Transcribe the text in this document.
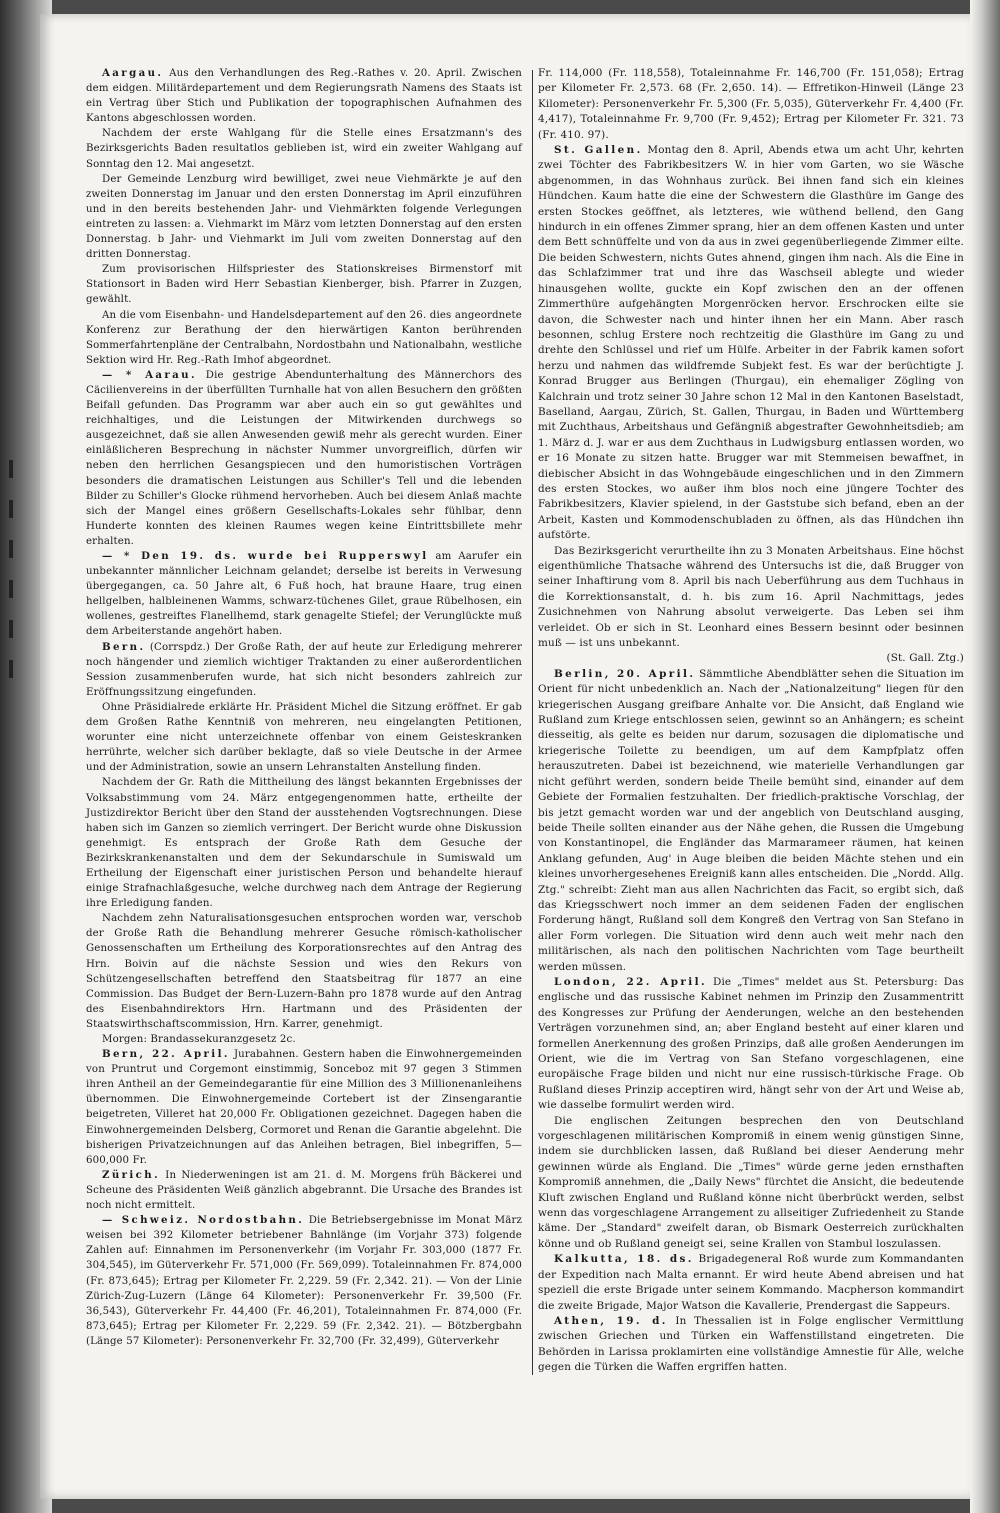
Aargau. Aus den Verhandlungen des Reg.-Rathes v. 20. April. Zwischen dem eidgen. Militärdepartement und dem Regierungsrath Namens des Staats ist ein Vertrag über Stich und Publikation der topographischen Aufnahmen des Kantons abgeschlossen worden.

Nachdem der erste Wahlgang für die Stelle eines Ersatzmann's des Bezirksgerichts Baden resultatlos geblieben ist, wird ein zweiter Wahlgang auf Sonntag den 12. Mai angesetzt.

Der Gemeinde Lenzburg wird bewilliget, zwei neue Viehmärkte je auf den zweiten Donnerstag im Januar und den ersten Donnerstag im April einzuführen und in den bereits bestehenden Jahr- und Viehmärkten folgende Verlegungen eintreten zu lassen: a. Viehmarkt im März vom letzten Donnerstag auf den ersten Donnerstag. b Jahr- und Viehmarkt im Juli vom zweiten Donnerstag auf den dritten Donnerstag.

Zum provisorischen Hilfspriester des Stationskreises Birmenstorf mit Stationsort in Baden wird Herr Sebastian Kienberger, bish. Pfarrer in Zuzgen, gewählt.

An die vom Eisenbahn- und Handelsdepartement auf den 26. dies angeordnete Konferenz zur Berathung der den hierwärtigen Kanton berührenden Sommerfahrtenpläne der Centralbahn, Nordostbahn und Nationalbahn, westliche Sektion wird Hr. Reg.-Rath Imhof abgeordnet.

— * Aarau. Die gestrige Abendunterhaltung des Männerchors des Cäcilienvereins in der überfüllten Turnhalle hat von allen Besuchern den größten Beifall gefunden. Das Programm war aber auch ein so gut gewähltes und reichhaltiges, und die Leistungen der Mitwirkenden durchwegs so ausgezeichnet, daß sie allen Anwesenden gewiß mehr als gerecht wurden. Einer einläßlicheren Besprechung in nächster Nummer unvorgreiflich, dürfen wir neben den herrlichen Gesangspiecen und den humoristischen Vorträgen besonders die dramatischen Leistungen aus Schiller's Tell und die lebenden Bilder zu Schiller's Glocke rühmend hervorheben. Auch bei diesem Anlaß machte sich der Mangel eines größern Gesellschafts-Lokales sehr fühlbar, denn Hunderte konnten des kleinen Raumes wegen keine Eintrittsbillete mehr erhalten.

— * Den 19. ds. wurde bei Rupperswyl am Aarufer ein unbekannter männlicher Leichnam gelandet; derselbe ist bereits in Verwesung übergegangen, ca. 50 Jahre alt, 6 Fuß hoch, hat braune Haare, trug einen hellgelben, halbleinenen Wamms, schwarz-tüchenes Gilet, graue Rübelhosen, ein wollenes, gestreiftes Flanellhemd, stark genagelte Stiefel; der Verunglückte muß dem Arbeiterstande angehört haben.

Bern. (Corrspdz.) Der Große Rath, der auf heute zur Erledigung mehrerer noch hängender und ziemlich wichtiger Traktanden zu einer außerordentlichen Session zusammenberufen wurde, hat sich nicht besonders zahlreich zur Eröffnungssitzung eingefunden.

Ohne Präsidialrede erklärte Hr. Präsident Michel die Sitzung eröffnet. Er gab dem Großen Rathe Kenntniß von mehreren, neu eingelangten Petitionen, worunter eine nicht unterzeichnete offenbar von einem Geisteskranken herrührte, welcher sich darüber beklagte, daß so viele Deutsche in der Armee und der Administration, sowie an unsern Lehranstalten Anstellung finden.

Nachdem der Gr. Rath die Mittheilung des längst bekannten Ergebnisses der Volksabstimmung vom 24. März entgegengenommen hatte, ertheilte der Justizdirektor Bericht über den Stand der ausstehenden Vogtsrechnungen. Diese haben sich im Ganzen so ziemlich verringert. Der Bericht wurde ohne Diskussion genehmigt. Es entsprach der Große Rath dem Gesuche der Bezirkskrankenanstalten und dem der Sekundarschule in Sumiswald um Ertheilung der Eigenschaft einer juristischen Person und behandelte hierauf einige Strafnachlaßgesuche, welche durchweg nach dem Antrage der Regierung ihre Erledigung fanden.

Nachdem zehn Naturalisationsgesuchen entsprochen worden war, verschob der Große Rath die Behandlung mehrerer Gesuche römisch-katholischer Genossenschaften um Ertheilung des Korporationsrechtes auf den Antrag des Hrn. Boivin auf die nächste Session und wies den Rekurs von Schützengesellschaften betreffend den Staatsbeitrag für 1877 an eine Commission. Das Budget der Bern-Luzern-Bahn pro 1878 wurde auf den Antrag des Eisenbahndirektors Hrn. Hartmann und des Präsidenten der Staatswirthschaftscommission, Hrn. Karrer, genehmigt.

Morgen: Brandassekuranzgesetz 2c.

Bern, 22. April. Jurabahnen. Gestern haben die Einwohnergemeinden von Pruntrut und Corgemont einstimmig, Sonceboz mit 97 gegen 3 Stimmen ihren Antheil an der Gemeindegarantie für eine Million des 3 Millionenanleihens übernommen. Die Einwohnergemeinde Cortebert ist der Zinsengarantie beigetreten, Villeret hat 20,000 Fr. Obligationen gezeichnet. Dagegen haben die Einwohnergemeinden Delsberg, Cormoret und Renan die Garantie abgelehnt. Die bisherigen Privatzeichnungen auf das Anleihen betragen, Biel inbegriffen, 5—600,000 Fr.

Zürich. In Niederweningen ist am 21. d. M. Morgens früh Bäckerei und Scheune des Präsidenten Weiß gänzlich abgebrannt. Die Ursache des Brandes ist noch nicht ermittelt.

— Schweiz. Nordostbahn. Die Betriebsergebnisse im Monat März weisen bei 392 Kilometer betriebener Bahnlänge (im Vorjahr 373) folgende Zahlen auf: Einnahmen im Personenverkehr (im Vorjahr Fr. 303,000 (1877 Fr. 304,545), im Güterverkehr Fr. 571,000 (Fr. 569,099). Totaleinnahmen Fr. 874,000 (Fr. 873,645); Ertrag per Kilometer Fr. 2,229. 59 (Fr. 2,342. 21). — Von der Linie Zürich-Zug-Luzern (Länge 64 Kilometer): Personenverkehr Fr. 39,500 (Fr. 36,543), Güterverkehr Fr. 44,400 (Fr. 46,201), Totaleinnahmen Fr. 874,000 (Fr. 873,645); Ertrag per Kilometer Fr. 2,229. 59 (Fr. 2,342. 21). — Bötzbergbahn (Länge 57 Kilometer): Personenverkehr Fr. 32,700 (Fr. 32,499), Güterverkehr

Fr. 114,000 (Fr. 118,558), Totaleinnahme Fr. 146,700 (Fr. 151,058); Ertrag per Kilometer Fr. 2,573. 68 (Fr. 2,650. 14). — Effretikon-Hinweil (Länge 23 Kilometer): Personenverkehr Fr. 5,300 (Fr. 5,035), Güterverkehr Fr. 4,400 (Fr. 4,417), Totaleinnahme Fr. 9,700 (Fr. 9,452); Ertrag per Kilometer Fr. 321. 73 (Fr. 410. 97).

St. Gallen. Montag den 8. April, Abends etwa um acht Uhr, kehrten zwei Töchter des Fabrikbesitzers W. in hier vom Garten, wo sie Wäsche abgenommen, in das Wohnhaus zurück. Bei ihnen fand sich ein kleines Hündchen. Kaum hatte die eine der Schwestern die Glasthüre im Gange des ersten Stockes geöffnet, als letzteres, wie wüthend bellend, den Gang hindurch in ein offenes Zimmer sprang, hier an dem offenen Kasten und unter dem Bett schnüffelte und von da aus in zwei gegenüberliegende Zimmer eilte. Die beiden Schwestern, nichts Gutes ahnend, gingen ihm nach. Als die Eine in das Schlafzimmer trat und ihre das Waschseil ablegte und wieder hinausgehen wollte, guckte ein Kopf zwischen den an der offenen Zimmerthüre aufgehängten Morgenröcken hervor. Erschrocken eilte sie davon, die Schwester nach und hinter ihnen her ein Mann. Aber rasch besonnen, schlug Erstere noch rechtzeitig die Glasthüre im Gang zu und drehte den Schlüssel und rief um Hülfe. Arbeiter in der Fabrik kamen sofort herzu und nahmen das wildfremde Subjekt fest. Es war der berüchtigte J. Konrad Brugger aus Berlingen (Thurgau), ein ehemaliger Zögling von Kalchrain und trotz seiner 30 Jahre schon 12 Mal in den Kantonen Baselstadt, Baselland, Aargau, Zürich, St. Gallen, Thurgau, in Baden und Württemberg mit Zuchthaus, Arbeitshaus und Gefängniß abgestrafter Gewohnheitsdieb; am 1. März d. J. war er aus dem Zuchthaus in Ludwigsburg entlassen worden, wo er 16 Monate zu sitzen hatte. Brugger war mit Stemmeisen bewaffnet, in diebischer Absicht in das Wohngebäude eingeschlichen und in den Zimmern des ersten Stockes, wo außer ihm blos noch eine jüngere Tochter des Fabrikbesitzers, Klavier spielend, in der Gaststube sich befand, eben an der Arbeit, Kasten und Kommodenschubladen zu öffnen, als das Hündchen ihn aufstörte.

Das Bezirksgericht verurtheilte ihn zu 3 Monaten Arbeitshaus. Eine höchst eigenthümliche Thatsache während des Untersuchs ist die, daß Brugger von seiner Inhaftirung vom 8. April bis nach Ueberführung aus dem Tuchhaus in die Korrektionsanstalt, d. h. bis zum 16. April Nachmittags, jedes Zusichnehmen von Nahrung absolut verweigerte. Das Leben sei ihm verleidet. Ob er sich in St. Leonhard eines Bessern besinnt oder besinnen muß — ist uns unbekannt.

(St. Gall. Ztg.)

Berlin, 20. April. Sämmtliche Abendblätter sehen die Situation im Orient für nicht unbedenklich an. Nach der „Nationalzeitung" liegen für den kriegerischen Ausgang greifbare Anhalte vor. Die Ansicht, daß England wie Rußland zum Kriege entschlossen seien, gewinnt so an Anhängern; es scheint diesseitig, als gelte es beiden nur darum, sozusagen die diplomatische und kriegerische Toilette zu beendigen, um auf dem Kampfplatz offen herauszutreten. Dabei ist bezeichnend, wie materielle Verhandlungen gar nicht geführt werden, sondern beide Theile bemüht sind, einander auf dem Gebiete der Formalien festzuhalten. Der friedlich-praktische Vorschlag, der bis jetzt gemacht worden war und der angeblich von Deutschland ausging, beide Theile sollten einander aus der Nähe gehen, die Russen die Umgebung von Konstantinopel, die Engländer das Marmarameer räumen, hat keinen Anklang gefunden, Aug' in Auge bleiben die beiden Mächte stehen und ein kleines unvorhergesehenes Ereigniß kann alles entscheiden. Die „Nordd. Allg. Ztg." schreibt: Zieht man aus allen Nachrichten das Facit, so ergibt sich, daß das Kriegsschwert noch immer an dem seidenen Faden der englischen Forderung hängt, Rußland soll dem Kongreß den Vertrag von San Stefano in aller Form vorlegen. Die Situation wird denn auch weit mehr nach den militärischen, als nach den politischen Nachrichten vom Tage beurtheilt werden müssen.

London, 22. April. Die „Times" meldet aus St. Petersburg: Das englische und das russische Kabinet nehmen im Prinzip den Zusammentritt des Kongresses zur Prüfung der Aenderungen, welche an den bestehenden Verträgen vorzunehmen sind, an; aber England besteht auf einer klaren und formellen Anerkennung des großen Prinzips, daß alle großen Aenderungen im Orient, wie die im Vertrag von San Stefano vorgeschlagenen, eine europäische Frage bilden und nicht nur eine russisch-türkische Frage. Ob Rußland dieses Prinzip acceptiren wird, hängt sehr von der Art und Weise ab, wie dasselbe formulirt werden wird.

Die englischen Zeitungen besprechen den von Deutschland vorgeschlagenen militärischen Kompromiß in einem wenig günstigen Sinne, indem sie durchblicken lassen, daß Rußland bei dieser Aenderung mehr gewinnen würde als England. Die „Times" würde gerne jeden ernsthaften Kompromiß annehmen, die „Daily News" fürchtet die Ansicht, die bedeutende Kluft zwischen England und Rußland könne nicht überbrückt werden, selbst wenn das vorgeschlagene Arrangement zu allseitiger Zufriedenheit zu Stande käme. Der „Standard" zweifelt daran, ob Bismark Oesterreich zurückhalten könne und ob Rußland geneigt sei, seine Krallen von Stambul loszulassen.

Kalkutta, 18. ds. Brigadegeneral Roß wurde zum Kommandanten der Expedition nach Malta ernannt. Er wird heute Abend abreisen und hat speziell die erste Brigade unter seinem Kommando. Macpherson kommandirt die zweite Brigade, Major Watson die Kavallerie, Prendergast die Sappeurs.

Athen, 19. d. In Thessalien ist in Folge englischer Vermittlung zwischen Griechen und Türken ein Waffenstillstand eingetreten. Die Behörden in Larissa proklamirten eine vollständige Amnestie für Alle, welche gegen die Türken die Waffen ergriffen hatten.
